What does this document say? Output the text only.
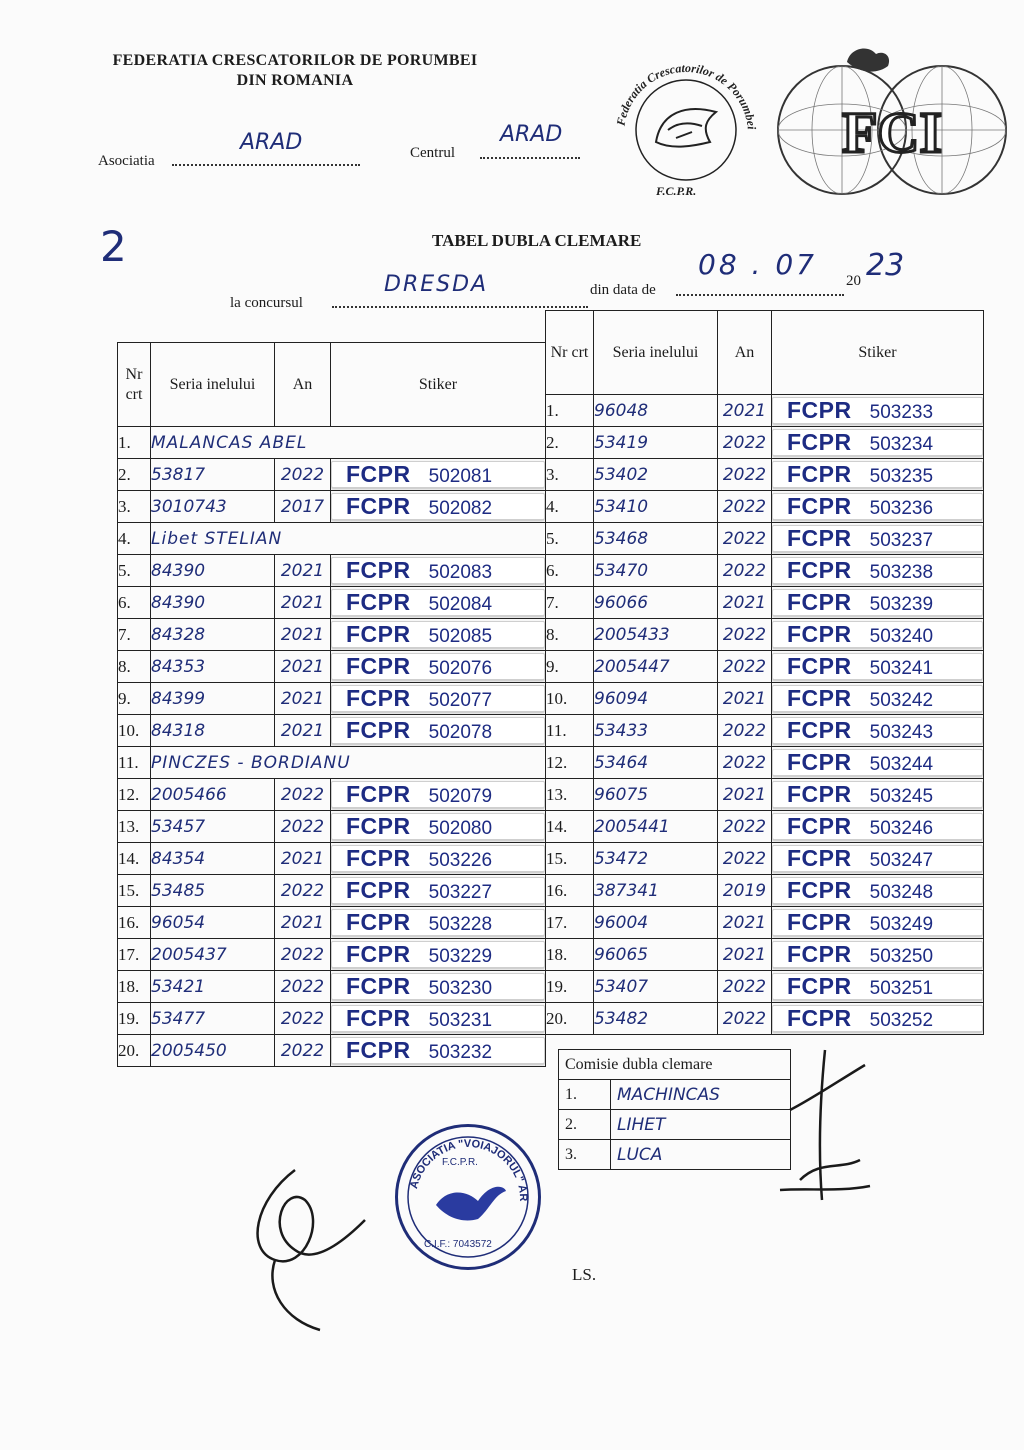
FEDERATIA CRESCATORILOR DE PORUMBEI
DIN ROMANIA
Asociatia
ARAD	Centrul
ARAD
Federatia Crescatorilor de Porumbei
F.C.P.R.
FCI
2	TABEL DUBLA CLEMARE
la concursul
DRESDA	din data de
08 . 07 20 23
Nr crt	Seria inelului	An	Stiker
1.	MALANCAS ABEL		
2.	53817	2022	FCPR 502081

3.	3010743	2017	FCPR 502082

4.	Libet STELIAN		
5.	84390	2021	FCPR 502083

6.	84390	2021	FCPR 502084

7.	84328	2021	FCPR 502085

8.	84353	2021	FCPR 502076

9.	84399	2021	FCPR 502077

10.	84318	2021	FCPR 502078

11.	PINCZES - BORDIANU		
12.	2005466	2022	FCPR 502079

13.	53457	2022	FCPR 502080

14.	84354	2021	FCPR 503226

15.	53485	2022	FCPR 503227

16.	96054	2021	FCPR 503228

17.	2005437	2022	FCPR 503229

18.	53421	2022	FCPR 503230

19.	53477	2022	FCPR 503231

20.	2005450	2022	FCPR 503232
Nr crt	Seria inelului	An	Stiker
1.	96048	2021	FCPR 503233

2.	53419	2022	FCPR 503234

3.	53402	2022	FCPR 503235

4.	53410	2022	FCPR 503236

5.	53468	2022	FCPR 503237

6.	53470	2022	FCPR 503238

7.	96066	2021	FCPR 503239

8.	2005433	2022	FCPR 503240

9.	2005447	2022	FCPR 503241

10.	96094	2021	FCPR 503242

11.	53433	2022	FCPR 503243

12.	53464	2022	FCPR 503244

13.	96075	2021	FCPR 503245

14.	2005441	2022	FCPR 503246

15.	53472	2022	FCPR 503247

16.	387341	2019	FCPR 503248

17.	96004	2021	FCPR 503249

18.	96065	2021	FCPR 503250

19.	53407	2022	FCPR 503251

20.	53482	2022	FCPR 503252
Comisie dubla clemare	
1.	MACHINCAS
2.	LIHET
3.	LUCA
ASOCIATIA "VOIAJORUL" AR
F.C.P.R.
C.I.F.: 7043572
LS.
